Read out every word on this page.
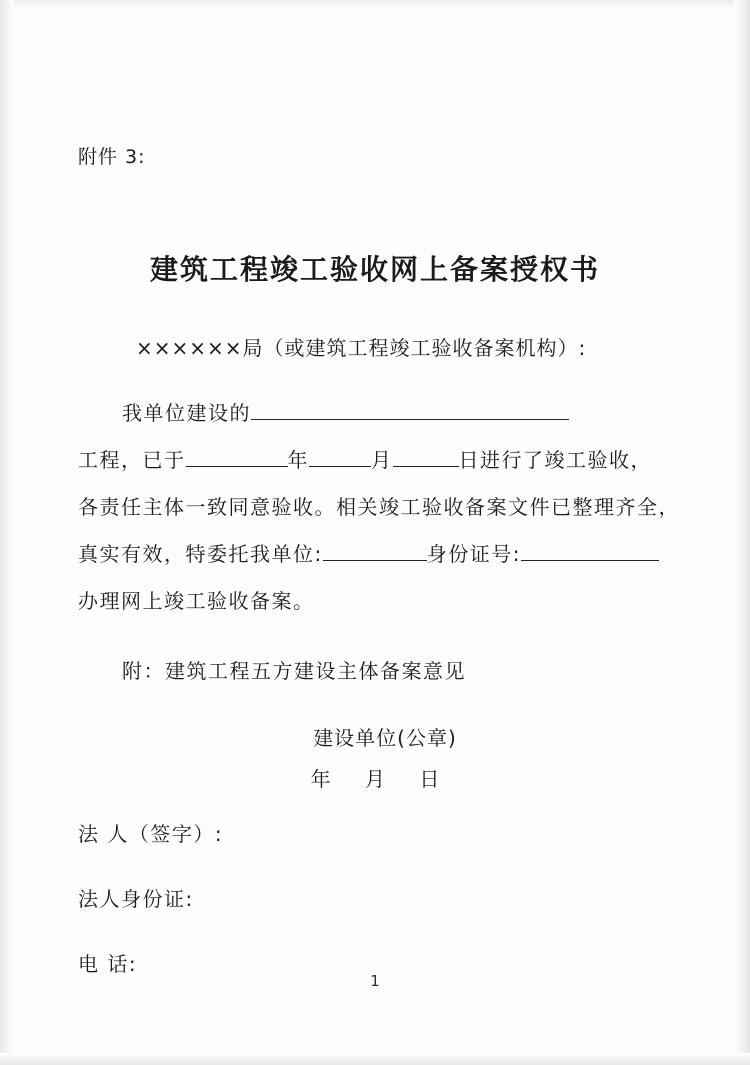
附件 3:
建筑工程竣工验收网上备案授权书
××××××局（或建筑工程竣工验收备案机构）:
我单位建设的
工程，已于	年	月	日进行了竣工验收，
各责任主体一致同意验收。相关竣工验收备案文件已整理齐全，
真实有效，特委托我单位:	身份证号:
办理网上竣工验收备案。
附：建筑工程五方建设主体备案意见
建设单位(公章)
年 月 日
法 人（签字）:
法人身份证:
电 话:
1
